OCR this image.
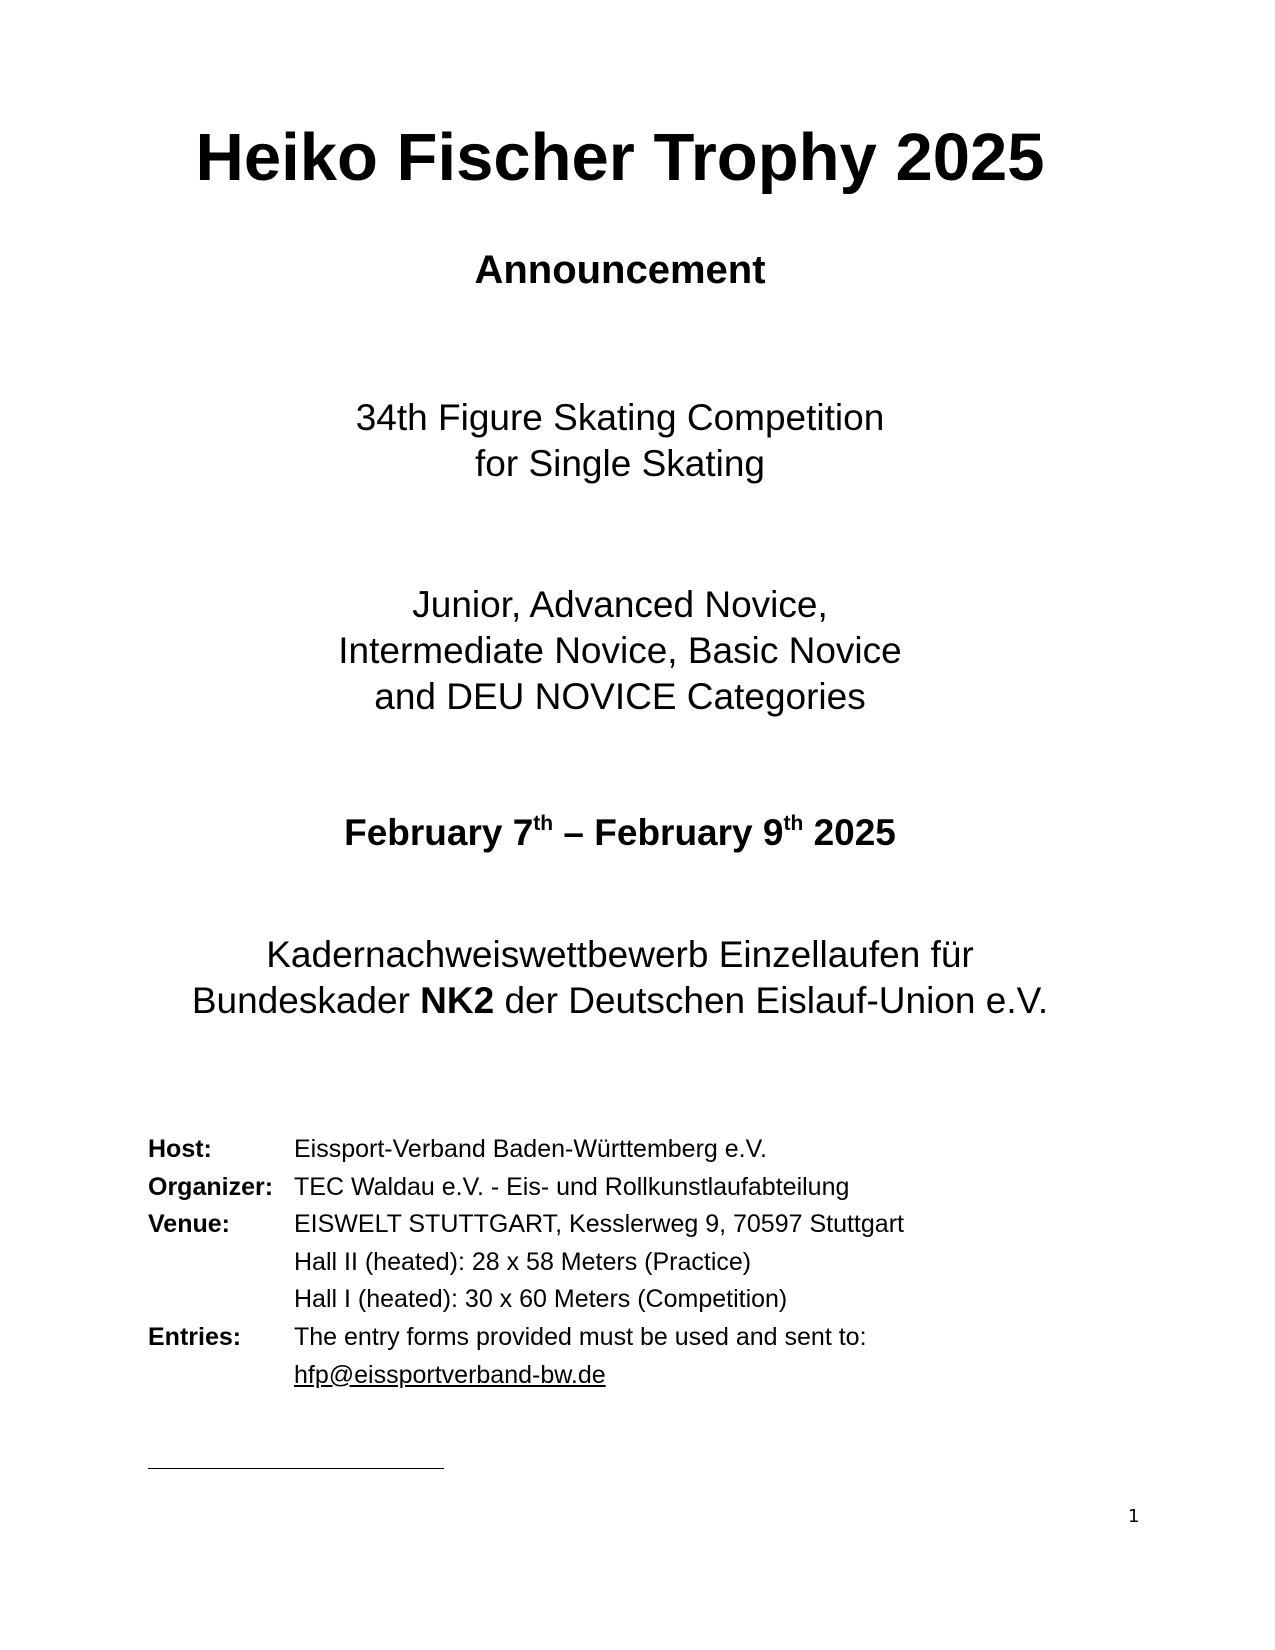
Heiko Fischer Trophy 2025
Announcement
34th Figure Skating Competition
for Single Skating
Junior, Advanced Novice,
Intermediate Novice, Basic Novice
and DEU NOVICE Categories
February 7th – February 9th 2025
Kadernachweiswettbewerb Einzellaufen für
Bundeskader NK2 der Deutschen Eislauf-Union e.V.
Host:	Eissport-Verband Baden-Württemberg e.V.
Organizer: TEC Waldau e.V. - Eis- und Rollkunstlaufabteilung
Venue:	EISWELT STUTTGART, Kesslerweg 9, 70597 Stuttgart
Hall II (heated): 28 x 58 Meters (Practice)
Hall I (heated): 30 x 60 Meters (Competition)
Entries:	The entry forms provided must be used and sent to:
hfp@eissportverband-bw.de
1
